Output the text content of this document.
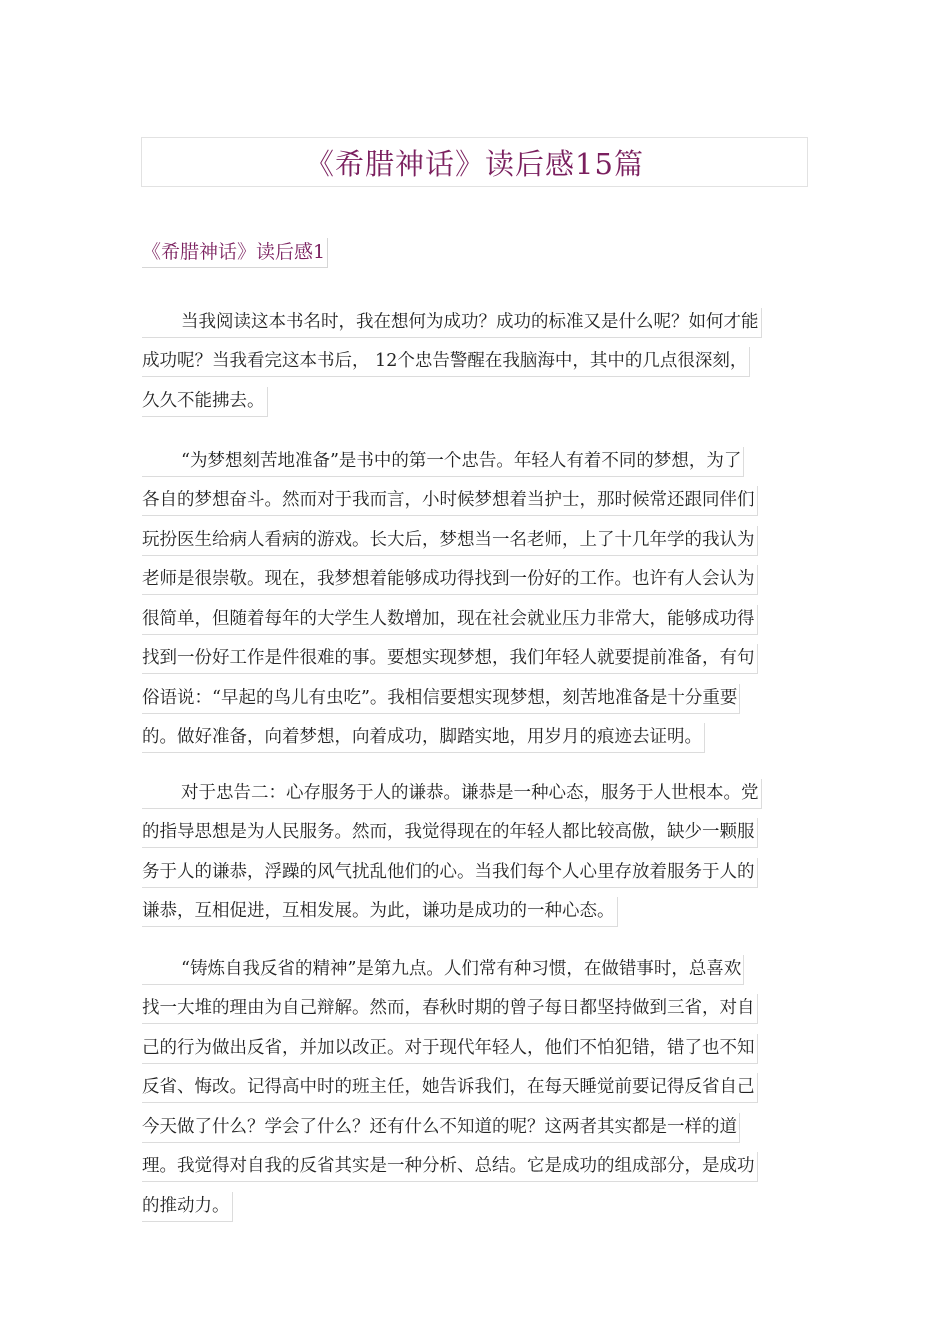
《希腊神话》读后感15篇
《希腊神话》读后感1
当我阅读这本书名时，我在想何为成功？成功的标准又是什么呢？如何才能
成功呢？当我看完这本书后， 12个忠告警醒在我脑海中，其中的几点很深刻，
久久不能拂去。
“为梦想刻苦地准备”是书中的第一个忠告。年轻人有着不同的梦想，为了
各自的梦想奋斗。然而对于我而言，小时候梦想着当护士，那时候常还跟同伴们
玩扮医生给病人看病的游戏。长大后，梦想当一名老师，上了十几年学的我认为
老师是很崇敬。现在，我梦想着能够成功得找到一份好的工作。也许有人会认为
很简单，但随着每年的大学生人数增加，现在社会就业压力非常大，能够成功得
找到一份好工作是件很难的事。要想实现梦想，我们年轻人就要提前准备，有句
俗语说：“早起的鸟儿有虫吃”。我相信要想实现梦想，刻苦地准备是十分重要
的。做好准备，向着梦想，向着成功，脚踏实地，用岁月的痕迹去证明。
对于忠告二：心存服务于人的谦恭。谦恭是一种心态，服务于人世根本。党
的指导思想是为人民服务。然而，我觉得现在的年轻人都比较高傲，缺少一颗服
务于人的谦恭，浮躁的风气扰乱他们的心。当我们每个人心里存放着服务于人的
谦恭，互相促进，互相发展。为此，谦功是成功的一种心态。
“铸炼自我反省的精神”是第九点。人们常有种习惯，在做错事时，总喜欢
找一大堆的理由为自己辩解。然而，春秋时期的曾子每日都坚持做到三省，对自
己的行为做出反省，并加以改正。对于现代年轻人，他们不怕犯错，错了也不知
反省、悔改。记得高中时的班主任，她告诉我们，在每天睡觉前要记得反省自己
今天做了什么？学会了什么？还有什么不知道的呢？这两者其实都是一样的道
理。我觉得对自我的反省其实是一种分析、总结。它是成功的组成部分，是成功
的推动力。
